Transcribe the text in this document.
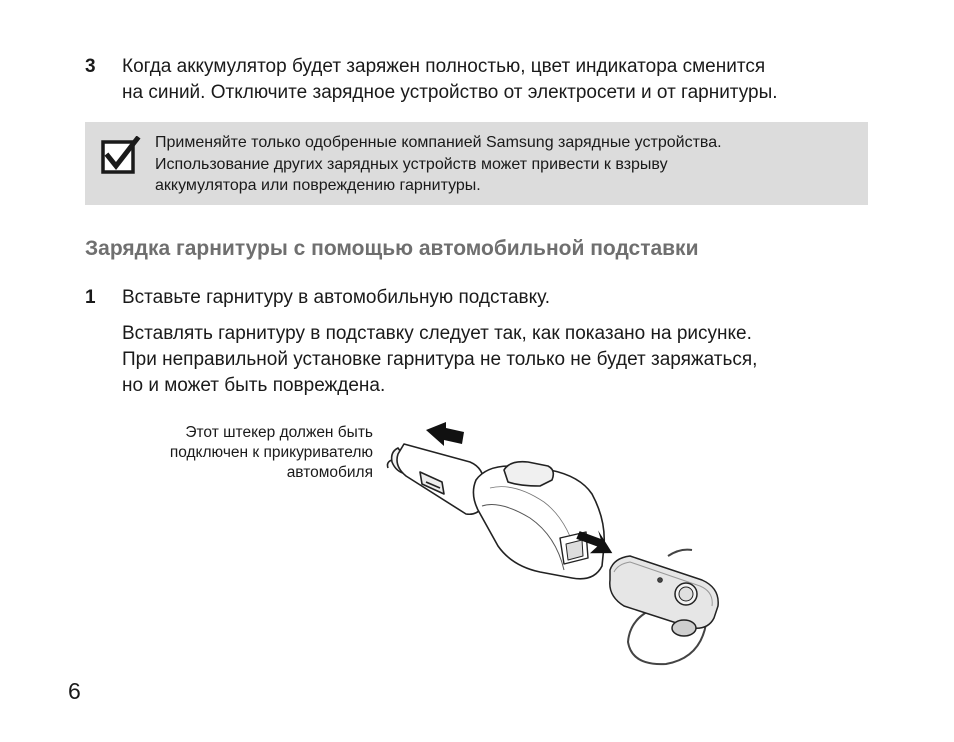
3 Когда аккумулятор будет заряжен полностью, цвет индикатора сменится
на синий. Отключите зарядное устройство от электросети и от гарнитуры.
Применяйте только одобренные компанией Samsung зарядные устройства.
Использование других зарядных устройств может привести к взрыву
аккумулятора или повреждению гарнитуры.
Зарядка гарнитуры с помощью автомобильной подставки
1 Вставьте гарнитуру в автомобильную подставку.
Вставлять гарнитуру в подставку следует так, как показано на рисунке.
При неправильной установке гарнитура не только не будет заряжаться,
но и может быть повреждена.
Этот штекер должен быть
подключен к прикуривателю
автомобиля
6
